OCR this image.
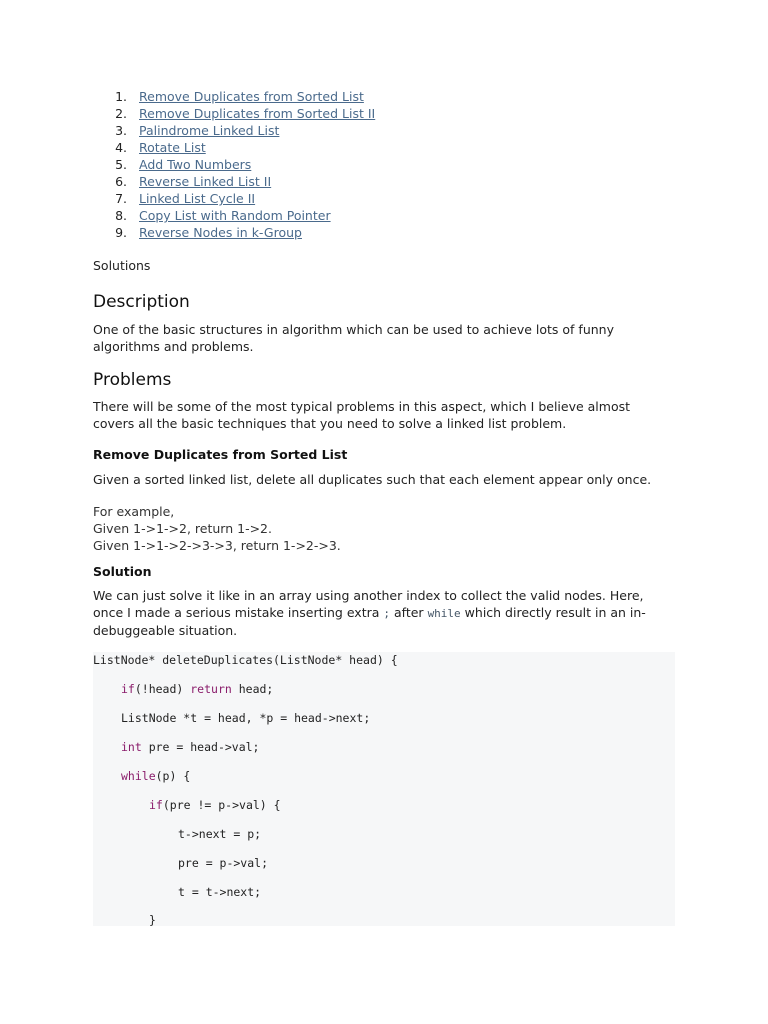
1. Remove Duplicates from Sorted List
2. Remove Duplicates from Sorted List II
3. Palindrome Linked List
4. Rotate List
5. Add Two Numbers
6. Reverse Linked List II
7. Linked List Cycle II
8. Copy List with Random Pointer
9. Reverse Nodes in k-Group
Solutions
Description

One of the basic structures in algorithm which can be used to achieve lots of funny algorithms and problems.

Problems

There will be some of the most typical problems in this aspect, which I believe almost covers all the basic techniques that you need to solve a linked list problem.

Remove Duplicates from Sorted List

Given a sorted linked list, delete all duplicates such that each element appear only once.

For example,
Given 1->1->2, return 1->2.
Given 1->1->2->3->3, return 1->2->3.
Solution

We can just solve it like in an array using another index to collect the valid nodes. Here, once I made a serious mistake inserting extra ; after while which directly result in an in-debuggeable situation.

ListNode* deleteDuplicates(ListNode* head) {
if(!head) return head;
ListNode *t = head, *p = head->next;
int pre = head->val;
while(p) {
if(pre != p->val) {
t->next = p;
pre = p->val;
t = t->next;
}
